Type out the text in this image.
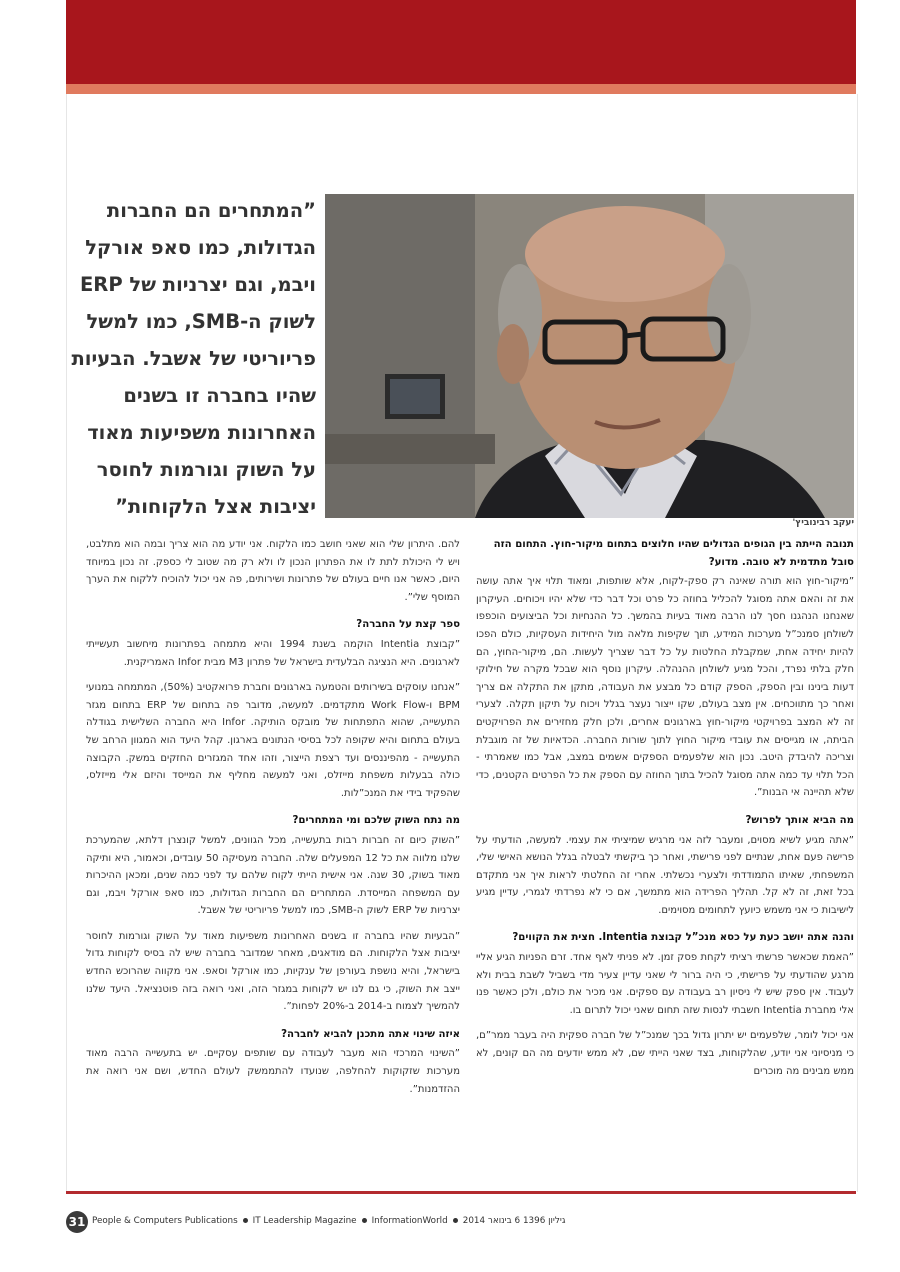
”המתחרים הם החברות הגדולות, כמו סאפ אורקל ויבמ, וגם יצרניות של ERP לשוק ה-SMB, כמו למשל פריוריטי של אשבל. הבעיות שהיו בחברה זו בשנים האחרונות משפיעות מאוד על השוק וגורמות לחוסר יציבות אצל הלקוחות”
יעקב רבינוביץ'
תנובה הייתה בין הגופים הגדולים שהיו חלוצים בתחום מיקור-חוץ. התחום הזה סובל מתדמית לא טובה. מדוע?

”מיקור-חוץ הוא תורה שאינה רק ספק-לקוח, אלא שותפות, ומאוד תלוי איך אתה עושה את זה והאם אתה מסוגל להכליל בחוזה כל פרט וכל דבר כדי שלא יהיו ויכוחים. העיקרון שאנחנו הנהגנו חסך לנו הרבה מאוד בעיות בהמשך. כל ההנחיות וכל הביצועים הוכפפו לשולחן סמנכ”ל מערכות המידע, תוך שקיפות מלאה מול היחידות העסקיות, כולם הפכו להיות יחידה אחת, שמקבלת החלטות על כל דבר שצריך לעשות. הם, מיקור-החוץ, הם חלק בלתי נפרד, והכל מגיע לשולחן ההנהלה. עיקרון נוסף הוא שבכל מקרה של חילוקי דעות בינינו ובין הספק, הספק קודם כל מבצע את העבודה, מתקן את התקלה אם צריך ואחר כך מתווכחים. אין מצב בעולם, שקו ייצור נעצר בגלל ויכוח על תיקון תקלה. לצערי זה לא המצב בפרויקטי מיקור-חוץ בארגונים אחרים, ולכן חלק מחזירים את הפרויקטים הביתה, או מגייסים את עובדי מיקור החוץ לתוך שורות החברה. הכדאיות של זה מוגבלת וצריכה להיבדק היטב. נכון הוא שלפעמים הספקים אשמים במצב, אבל כמו שאמרתי - הכל תלוי עד כמה אתה מסוגל להכיל בתוך החוזה עם הספק את כל הפרטים הקטנים, כדי שלא תהיינה אי הבנות”.

מה הביא אותך לפרוש?

”אתה מגיע לשיא מסוים, ומעבר לזה אני מרגיש שמיציתי את עצמי. למעשה, הודעתי על פרישה פעם אחת, שנתיים לפני פרישתי, ואחר כך ביקשתי לבטלה בגלל הנושא האישי שלי, המשפחתי, שאיתו התמודדתי ולצערי נכשלתי. אחרי זה החלטתי לראות איך אני מתקדם בכל זאת, זה לא קל. תהליך הפרידה הוא מתמשך, אם כי לא נפרדתי לגמרי, עדיין מגיע לישיבות כי אני משמש כיועץ לתחומים מסוימים.

והנה אתה יושב כעת על כסא מנכ”ל קבוצת Intentia. חצית את הקווים?

”האמת שכאשר פרשתי רציתי לקחת פסק זמן. לא פניתי לאף אחד. זרם הפניות הגיע אליי מרגע שהודעתי על פרישתי, כי היה ברור לי שאני עדיין צעיר מדי בשביל לשבת בבית ולא לעבוד. אין ספק שיש לי ניסיון רב בעבודה עם ספקים. אני מכיר את כולם, ולכן כאשר פנו אלי מחברת Intentia חשבתי לנסות שזה תחום שאני יכול לתרום בו.

אני יכול לומר, שלפעמים יש יתרון גדול בכך שמנכ”ל של חברה ספקית היה בעבר ממר”ם, כי מניסיוני אני יודע, שהלקוחות, בצד שאני הייתי שם, לא ממש יודעים מה הם קונים, לא ממש מבינים מה מוכרים

להם. היתרון שלי הוא שאני חושב כמו הלקוח. אני יודע מה הוא צריך ובמה הוא מתלבט, ויש לי היכולת לתת לו את הפתרון הנכון לו ולא רק מה שטוב לי כספק. זה נכון במיוחד היום, כאשר אנו חיים בעולם של פתרונות ושירותים, פה אני יכול להוכיח ללקוח את הערך המוסף שלי”.

ספר קצת על החברה?

”קבוצת Intentia הוקמה בשנת 1994 והיא מתמחה בפתרונות מיחשוב תעשייתי לארגונים. היא הנציגה הבלעדית בישראל של פתרון M3 מבית Infor האמריקנית.

”אנחנו עוסקים בשירותים והטמעה בארגונים וחברת פרואקטיב (50%), המתמחה במנועי BPM ו-Work Flow מתקדמים. למעשה, מדובר פה בתחום של ERP בתחום מגזר התעשייה, שהוא התפתחות של מובקס הותיקה. Infor היא החברה השלישית בגודלה בעולם בתחום והיא שקופה לכל בסיסי הנתונים בארגון. קהל היעד הוא המגוון הרחב של התעשייה - מהפיננסים ועד רצפת הייצור, וזהו אחד המגזרים החזקים במשק. הקבוצה כולה בבעלות משפחת מייזלס, ואני למעשה מחליף את המייסד והיזם אלי מייזלס, שהפקיד בידי את המנכ”לות.

מה נתח השוק שלכם ומי המתחרים?

”השוק כיום זה חברות רבות בתעשייה, מכל הגוונים, למשל קונצרן דלתא, שהמערכת שלנו מלווה את כל 12 המפעלים שלה. החברה מעסיקה 50 עובדים, וכאמור, היא ותיקה מאוד בשוק, 30 שנה. אני אישית הייתי לקוח שלהם עד לפני כמה שנים, ומכאן ההיכרות עם המשפחה המייסדת. המתחרים הם החברות הגדולות, כמו סאפ אורקל ויבמ, וגם יצרניות של ERP לשוק ה-SMB, כמו למשל פריוריטי של אשבל.

”הבעיות שהיו בחברה זו בשנים האחרונות משפיעות מאוד על השוק וגורמות לחוסר יציבות אצל הלקוחות. הם מודאגים, מאחר שמדובר בחברה שיש לה בסיס לקוחות גדול בישראל, והיא נושפת בעורפן של ענקיות, כמו אורקל וסאפ. אני מקווה שהרוכש החדש ייצב את השוק, כי גם לנו יש לקוחות במגזר הזה, ואני רואה בזה פוטנציאל. היעד שלנו להמשיך לצמוח ב-2014 ב-20% לפחות”.

איזה שינוי אתה מתכנן להביא לחברה?

”השינוי המרכזי הוא מעבר לעבודה עם שותפים עסקיים. יש בתעשייה הרבה מאוד מערכות שזקוקות להחלפה, שנועדו להתממשק לעולם החדש, ושם אני רואה את ההזדמנות”.

31 People & Computers Publications IT Leadership Magazine InformationWorld גיליון 1396 6 בינואר 2014
